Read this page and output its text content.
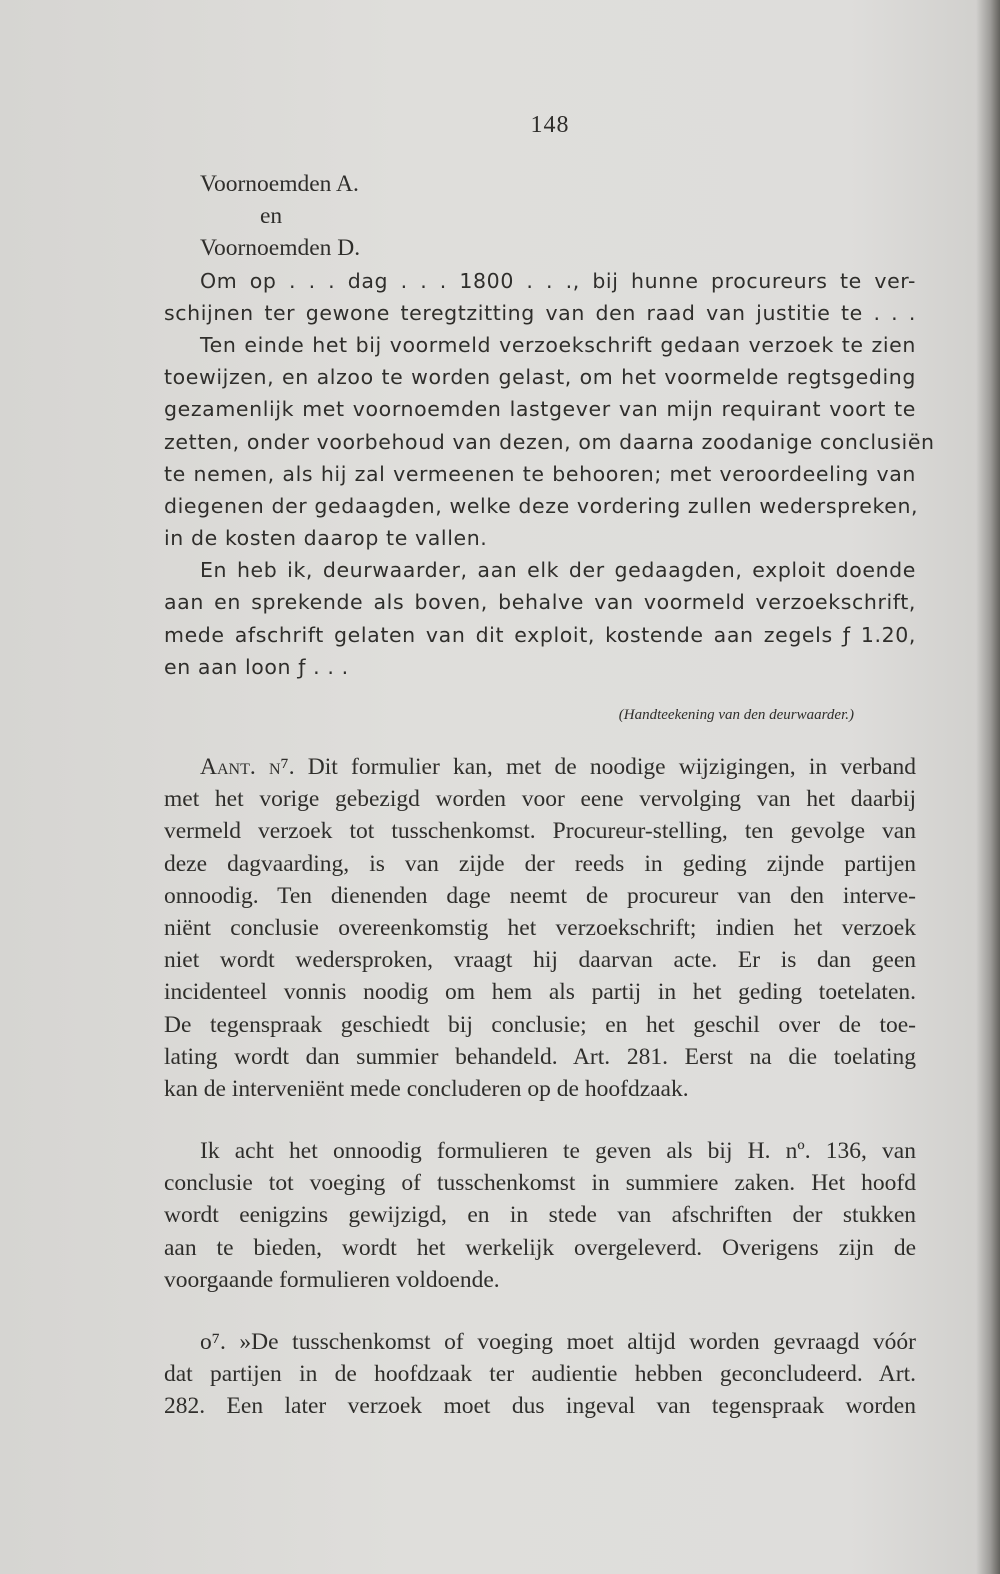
148
Voornoemden A.
en
Voornoemden D.
Om op . . . dag . . . 1800 . . ., bij hunne procureurs te ver-
schijnen ter gewone teregtzitting van den raad van justitie te . . .
Ten einde het bij voormeld verzoekschrift gedaan verzoek te zien
toewijzen, en alzoo te worden gelast, om het voormelde regtsgeding
gezamenlijk met voornoemden lastgever van mijn requirant voort te
zetten, onder voorbehoud van dezen, om daarna zoodanige conclusiën
te nemen, als hij zal vermeenen te behooren; met veroordeeling van
diegenen der gedaagden, welke deze vordering zullen wederspreken,
in de kosten daarop te vallen.
En heb ik, deurwaarder, aan elk der gedaagden, exploit doende
aan en sprekende als boven, behalve van voormeld verzoekschrift,
mede afschrift gelaten van dit exploit, kostende aan zegels ƒ 1.20,
en aan loon ƒ . . .
(Handteekening van den deurwaarder.)
Aant. n⁷. Dit formulier kan, met de noodige wijzigingen, in verband
met het vorige gebezigd worden voor eene vervolging van het daarbij
vermeld verzoek tot tusschenkomst. Procureur-stelling, ten gevolge van
deze dagvaarding, is van zijde der reeds in geding zijnde partijen
onnoodig. Ten dienenden dage neemt de procureur van den interve-
niënt conclusie overeenkomstig het verzoekschrift; indien het verzoek
niet wordt wedersproken, vraagt hij daarvan acte. Er is dan geen
incidenteel vonnis noodig om hem als partij in het geding toetelaten.
De tegenspraak geschiedt bij conclusie; en het geschil over de toe-
lating wordt dan summier behandeld. Art. 281. Eerst na die toelating
kan de interveniënt mede concluderen op de hoofdzaak.
Ik acht het onnoodig formulieren te geven als bij H. nº. 136, van
conclusie tot voeging of tusschenkomst in summiere zaken. Het hoofd
wordt eenigzins gewijzigd, en in stede van afschriften der stukken
aan te bieden, wordt het werkelijk overgeleverd. Overigens zijn de
voorgaande formulieren voldoende.
o⁷. »De tusschenkomst of voeging moet altijd worden gevraagd vóór
dat partijen in de hoofdzaak ter audientie hebben geconcludeerd. Art.
282. Een later verzoek moet dus ingeval van tegenspraak worden
